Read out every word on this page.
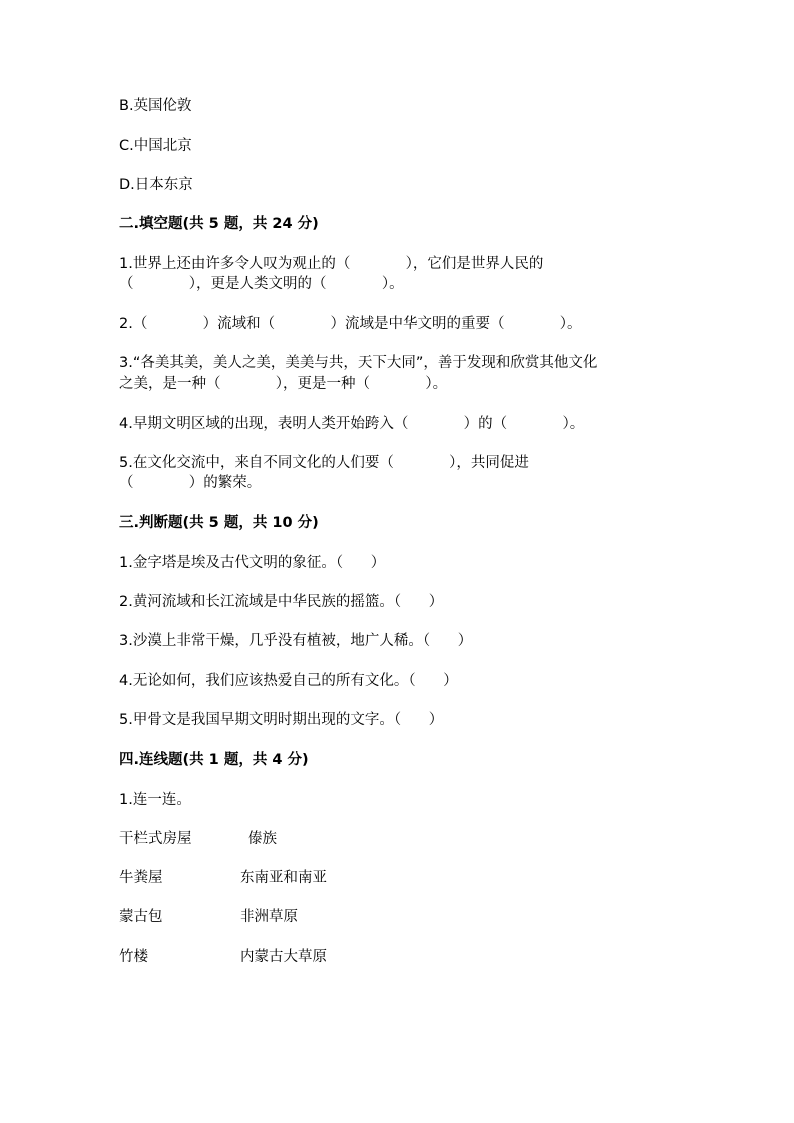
B.英国伦敦

C.中国北京

D.日本东京

二.填空题(共 5 题，共 24 分)

1.世界上还由许多令人叹为观止的（            ），它们是世界人民的

（            ），更是人类文明的（            ）。

2.（            ）流域和（            ）流域是中华文明的重要（            ）。

3.“各美其美，美人之美，美美与共，天下大同”，善于发现和欣赏其他文化

之美，是一种（            ），更是一种（            ）。

4.早期文明区域的出现，表明人类开始跨入（            ）的（            ）。

5.在文化交流中，来自不同文化的人们要（            ），共同促进

（            ）的繁荣。

三.判断题(共 5 题，共 10 分)

1.金字塔是埃及古代文明的象征。（      ）

2.黄河流域和长江流域是中华民族的摇篮。（      ）

3.沙漠上非常干燥，几乎没有植被，地广人稀。（      ）

4.无论如何，我们应该热爱自己的所有文化。（      ）

5.甲骨文是我国早期文明时期出现的文字。（      ）

四.连线题(共 1 题，共 4 分)

1.连一连。

干栏式房屋	傣族
牛粪屋	东南亚和南亚
蒙古包	非洲草原
竹楼	内蒙古大草原
